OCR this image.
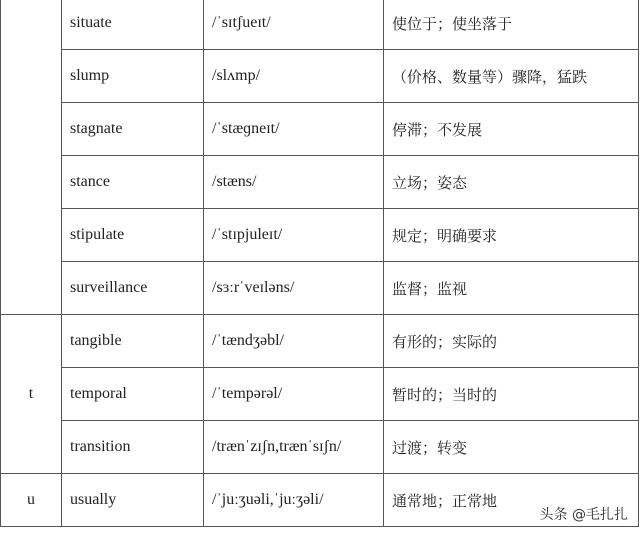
	situate	/ˈsɪtʃueɪt/	使位于；使坐落于
	slump	/slʌmp/	（价格、数量等）骤降，猛跌
	stagnate	/ˈstæɡneɪt/	停滞；不发展
	stance	/stæns/	立场；姿态
	stipulate	/ˈstɪpjuleɪt/	规定；明确要求
	surveillance	/sɜːrˈveɪləns/	监督；监视
t	tangible	/ˈtændʒəbl/	有形的；实际的
	temporal	/ˈtempərəl/	暂时的；当时的
	transition	/trænˈzɪʃn,trænˈsɪʃn/	过渡；转变
u	usually	/ˈjuːʒuəli,ˈjuːʒəli/	通常地；正常地
头条 @毛扎扎
